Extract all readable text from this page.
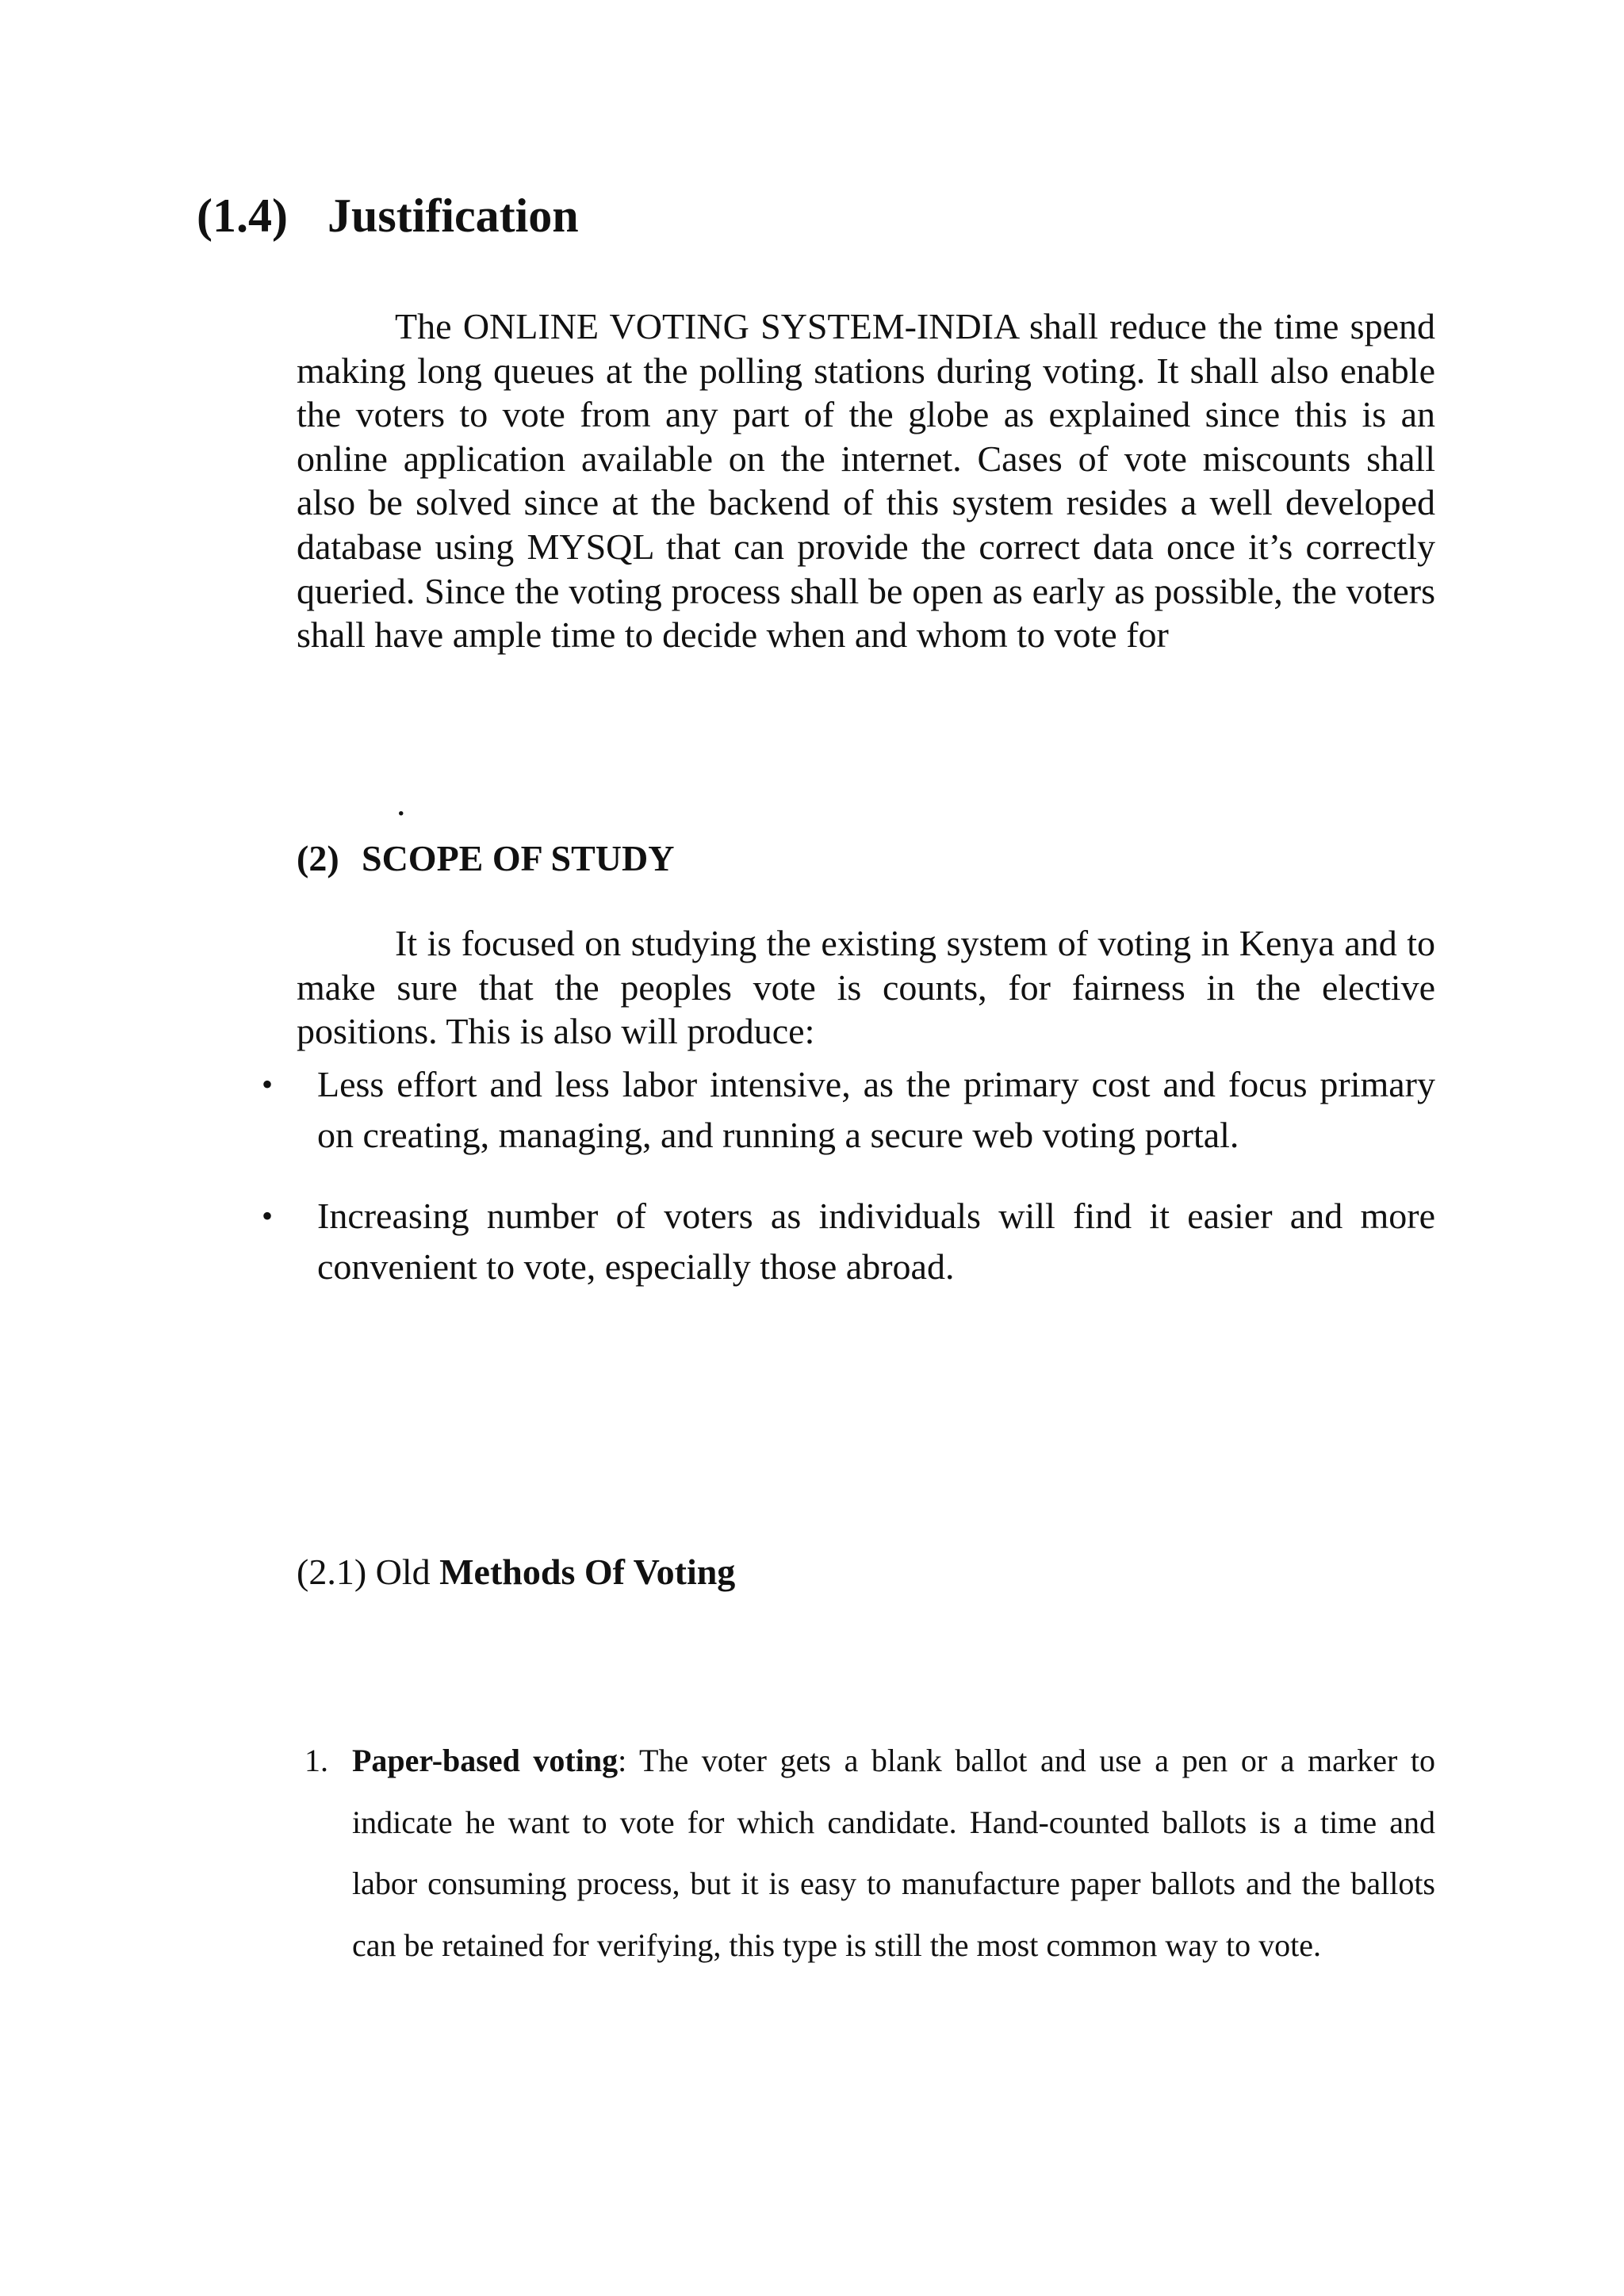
(1.4) Justification

The ONLINE VOTING SYSTEM-INDIA shall reduce the time spend making long queues at the polling stations during voting. It shall also enable the voters to vote from any part of the globe as explained since this is an online application available on the internet. Cases of vote miscounts shall also be solved since at the backend of this system resides a well developed database using MYSQL that can provide the correct data once it’s correctly queried. Since the voting process shall be open as early as possible, the voters shall have ample time to decide when and whom to vote for

.
(2) SCOPE OF STUDY

It is focused on studying the existing system of voting in Kenya and to make sure that the peoples vote is counts, for fairness in the elective positions. This is also will produce:

• Less effort and less labor intensive, as the primary cost and focus primary on creating, managing, and running a secure web voting portal.
• Increasing number of voters as individuals will find it easier and more convenient to vote, especially those abroad.
(2.1) Old Methods Of Voting
1. Paper-based voting: The voter gets a blank ballot and use a pen or a marker to indicate he want to vote for which candidate. Hand-counted ballots is a time and labor consuming process, but it is easy to manufacture paper ballots and the ballots can be retained for verifying, this type is still the most common way to vote.
